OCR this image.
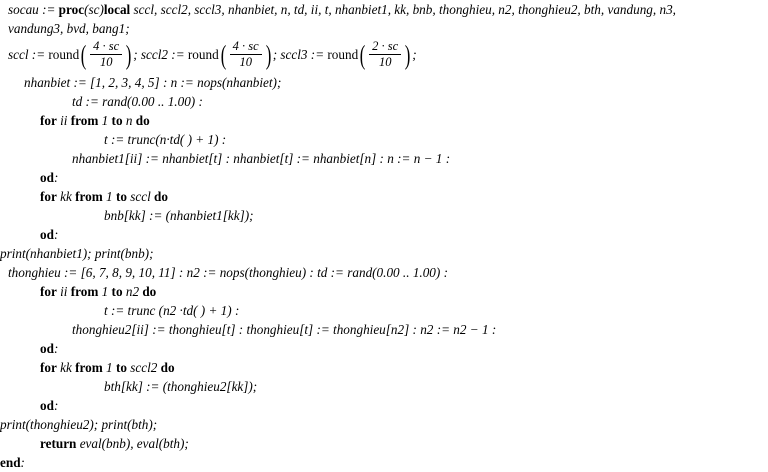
socau := proc(sc)local sccl, sccl2, sccl3, nhanbiet, n, td, ii, t, nhanbiet1, kk, bnb, thonghieu, n2, thonghieu2, bth, vandung, n3,
vandung3, bvd, bang1;
sccl := round( $\frac{4 \cdot sc}{10}$ ) ; sccl2 := round( $\frac{4 \cdot sc}{10}$ ) ; sccl3 := round( $\frac{2 \cdot sc}{10}$ ) ;
nhanbiet := [1, 2, 3, 4, 5] : n := nops(nhanbiet);
td := rand(0.00 .. 1.00) :
for ii from 1 to n do
t := trunc(n·td( ) + 1) :
nhanbiet1[ii] := nhanbiet[t] : nhanbiet[t] := nhanbiet[n] : n := n − 1 :
od:
for kk from 1 to sccl do
bnb[kk] := (nhanbiet1[kk]);
od:
print(nhanbiet1); print(bnb);
thonghieu := [6, 7, 8, 9, 10, 11] : n2 := nops(thonghieu) : td := rand(0.00 .. 1.00) :
for ii from 1 to n2 do
t := trunc (n2 ·td( ) + 1) :
thonghieu2[ii] := thonghieu[t] : thonghieu[t] := thonghieu[n2] : n2 := n2 − 1 :
od:
for kk from 1 to sccl2 do
bth[kk] := (thonghieu2[kk]);
od:
print(thonghieu2); print(bth);
return eval(bnb), eval(bth);
end:
